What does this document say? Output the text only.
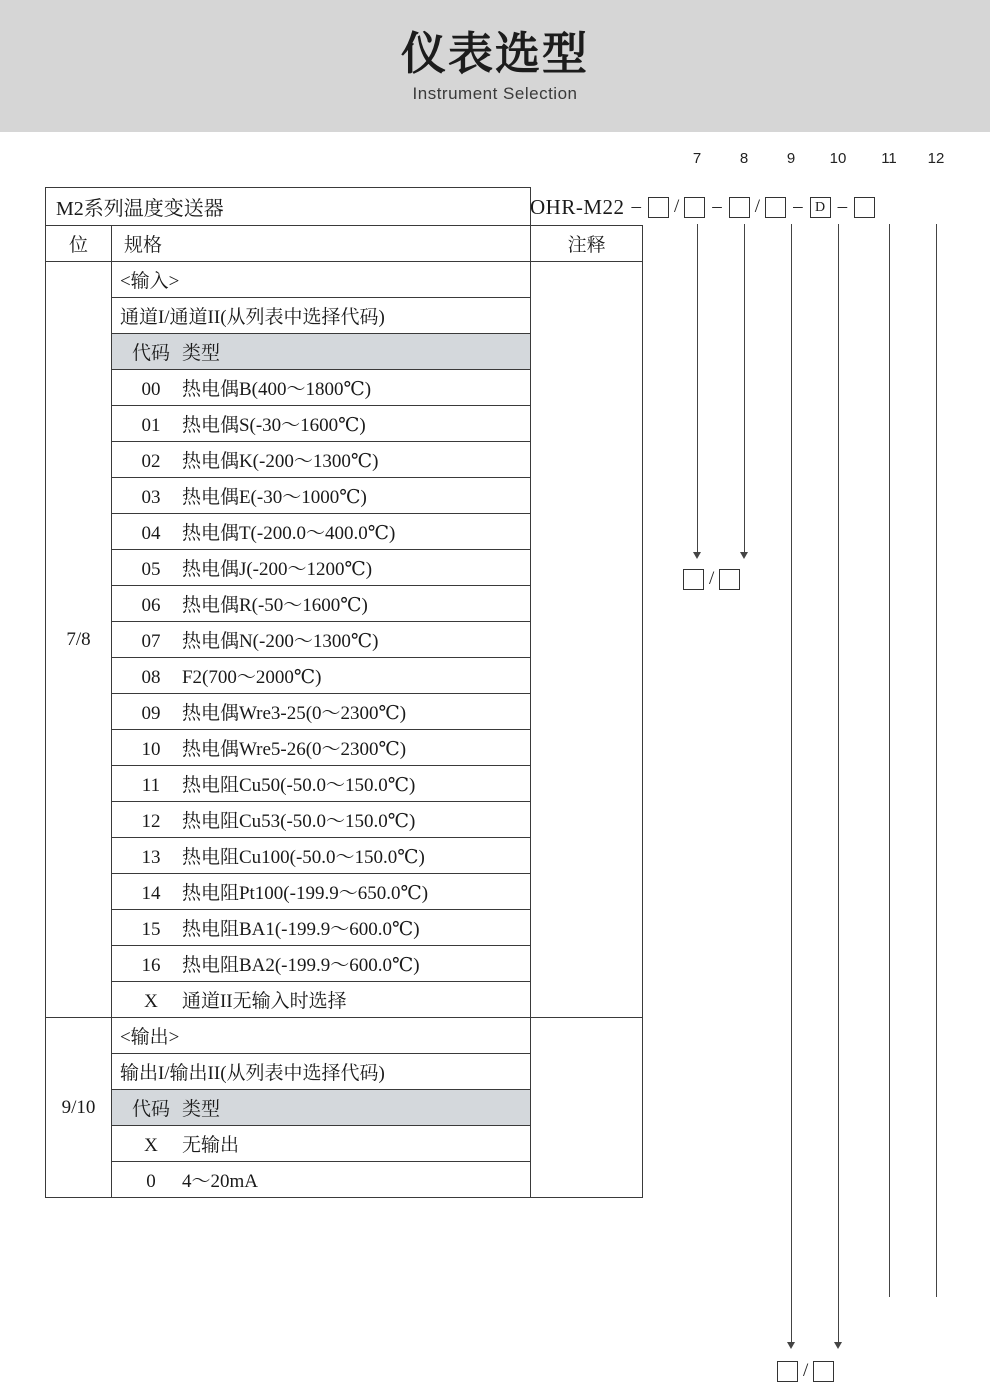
仪表选型
Instrument Selection
7	8	9	10 11 12
OHR-M22 –	/	–	/	– D –
/
/
M2系列温度变送器		
位	规格	注释
7/8	<输入>	
	通道I/通道II(从列表中选择代码)	
	代码 类型	
	00 热电偶B(400～1800℃)	
	01 热电偶S(-30～1600℃)	
	02 热电偶K(-200～1300℃)	
	03 热电偶E(-30～1000℃)	
	04 热电偶T(-200.0～400.0℃)	
	05 热电偶J(-200～1200℃)	
	06 热电偶R(-50～1600℃)	
	07 热电偶N(-200～1300℃)	
	08 F2(700～2000℃)	
	09 热电偶Wre3-25(0～2300℃)	
	10 热电偶Wre5-26(0～2300℃)	
	11 热电阻Cu50(-50.0～150.0℃)	
	12 热电阻Cu53(-50.0～150.0℃)	
	13 热电阻Cu100(-50.0～150.0℃)	
	14 热电阻Pt100(-199.9～650.0℃)	
	15 热电阻BA1(-199.9～600.0℃)	
	16 热电阻BA2(-199.9～600.0℃)	
	X 通道II无输入时选择	
9/10	<输出>	
	输出I/输出II(从列表中选择代码)	
	代码 类型	
	X 无输出	
	0 4～20mA	
